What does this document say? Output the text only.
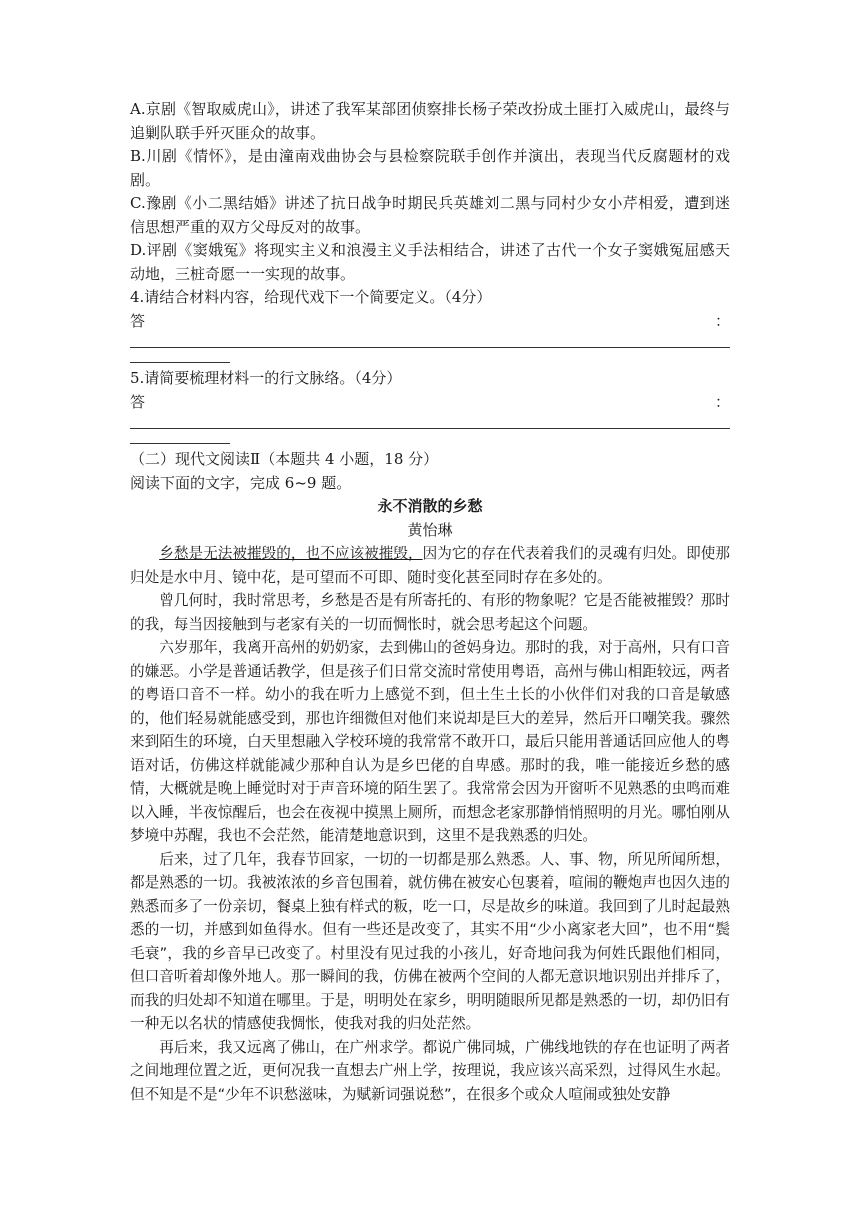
A.京剧《智取威虎山》，讲述了我军某部团侦察排长杨子荣改扮成土匪打入威虎山，最终与追剿队联手歼灭匪众的故事。
B.川剧《情怀》，是由潼南戏曲协会与县检察院联手创作并演出，表现当代反腐题材的戏剧。
C.豫剧《小二黑结婚》讲述了抗日战争时期民兵英雄刘二黑与同村少女小芹相爱，遭到迷信思想严重的双方父母反对的故事。
D.评剧《窦娥冤》将现实主义和浪漫主义手法相结合，讲述了古代一个女子窦娥冤屈感天动地，三桩奇愿一一实现的故事。
4.请结合材料内容，给现代戏下一个简要定义。（4分）
答	：
5.请简要梳理材料一的行文脉络。（4分）
答	：
（二）现代文阅读Ⅱ（本题共 4 小题，18 分）
阅读下面的文字，完成 6~9 题。
永不消散的乡愁
黄怡琳
乡愁是无法被摧毁的，也不应该被摧毁，因为它的存在代表着我们的灵魂有归处。即使那归处是水中月、镜中花，是可望而不可即、随时变化甚至同时存在多处的。
曾几何时，我时常思考，乡愁是否是有所寄托的、有形的物象呢？它是否能被摧毁？那时的我，每当因接触到与老家有关的一切而惆怅时，就会思考起这个问题。
六岁那年，我离开高州的奶奶家，去到佛山的爸妈身边。那时的我，对于高州，只有口音的嫌恶。小学是普通话教学，但是孩子们日常交流时常使用粤语，高州与佛山相距较远，两者的粤语口音不一样。幼小的我在听力上感觉不到，但土生土长的小伙伴们对我的口音是敏感的，他们轻易就能感受到，那也许细微但对他们来说却是巨大的差异，然后开口嘲笑我。骤然来到陌生的环境，白天里想融入学校环境的我常常不敢开口，最后只能用普通话回应他人的粤语对话，仿佛这样就能减少那种自认为是乡巴佬的自卑感。那时的我，唯一能接近乡愁的感情，大概就是晚上睡觉时对于声音环境的陌生罢了。我常常会因为开窗听不见熟悉的虫鸣而难以入睡，半夜惊醒后，也会在夜视中摸黑上厕所，而想念老家那静悄悄照明的月光。哪怕刚从梦境中苏醒，我也不会茫然，能清楚地意识到，这里不是我熟悉的归处。
后来，过了几年，我春节回家，一切的一切都是那么熟悉。人、事、物，所见所闻所想，都是熟悉的一切。我被浓浓的乡音包围着，就仿佛在被安心包裹着，喧闹的鞭炮声也因久违的熟悉而多了一份亲切，餐桌上独有样式的粄，吃一口，尽是故乡的味道。我回到了儿时起最熟悉的一切，并感到如鱼得水。但有一些还是改变了，其实不用“少小离家老大回”，也不用“鬓毛衰”，我的乡音早已改变了。村里没有见过我的小孩儿，好奇地问我为何姓氏跟他们相同，但口音听着却像外地人。那一瞬间的我，仿佛在被两个空间的人都无意识地识别出并排斥了，而我的归处却不知道在哪里。于是，明明处在家乡，明明随眼所见都是熟悉的一切，却仍旧有一种无以名状的情感使我惆怅，使我对我的归处茫然。
再后来，我又远离了佛山，在广州求学。都说广佛同城，广佛线地铁的存在也证明了两者之间地理位置之近，更何况我一直想去广州上学，按理说，我应该兴高采烈，过得风生水起。但不知是不是“少年不识愁滋味，为赋新词强说愁”，在很多个或众人喧闹或独处安静
